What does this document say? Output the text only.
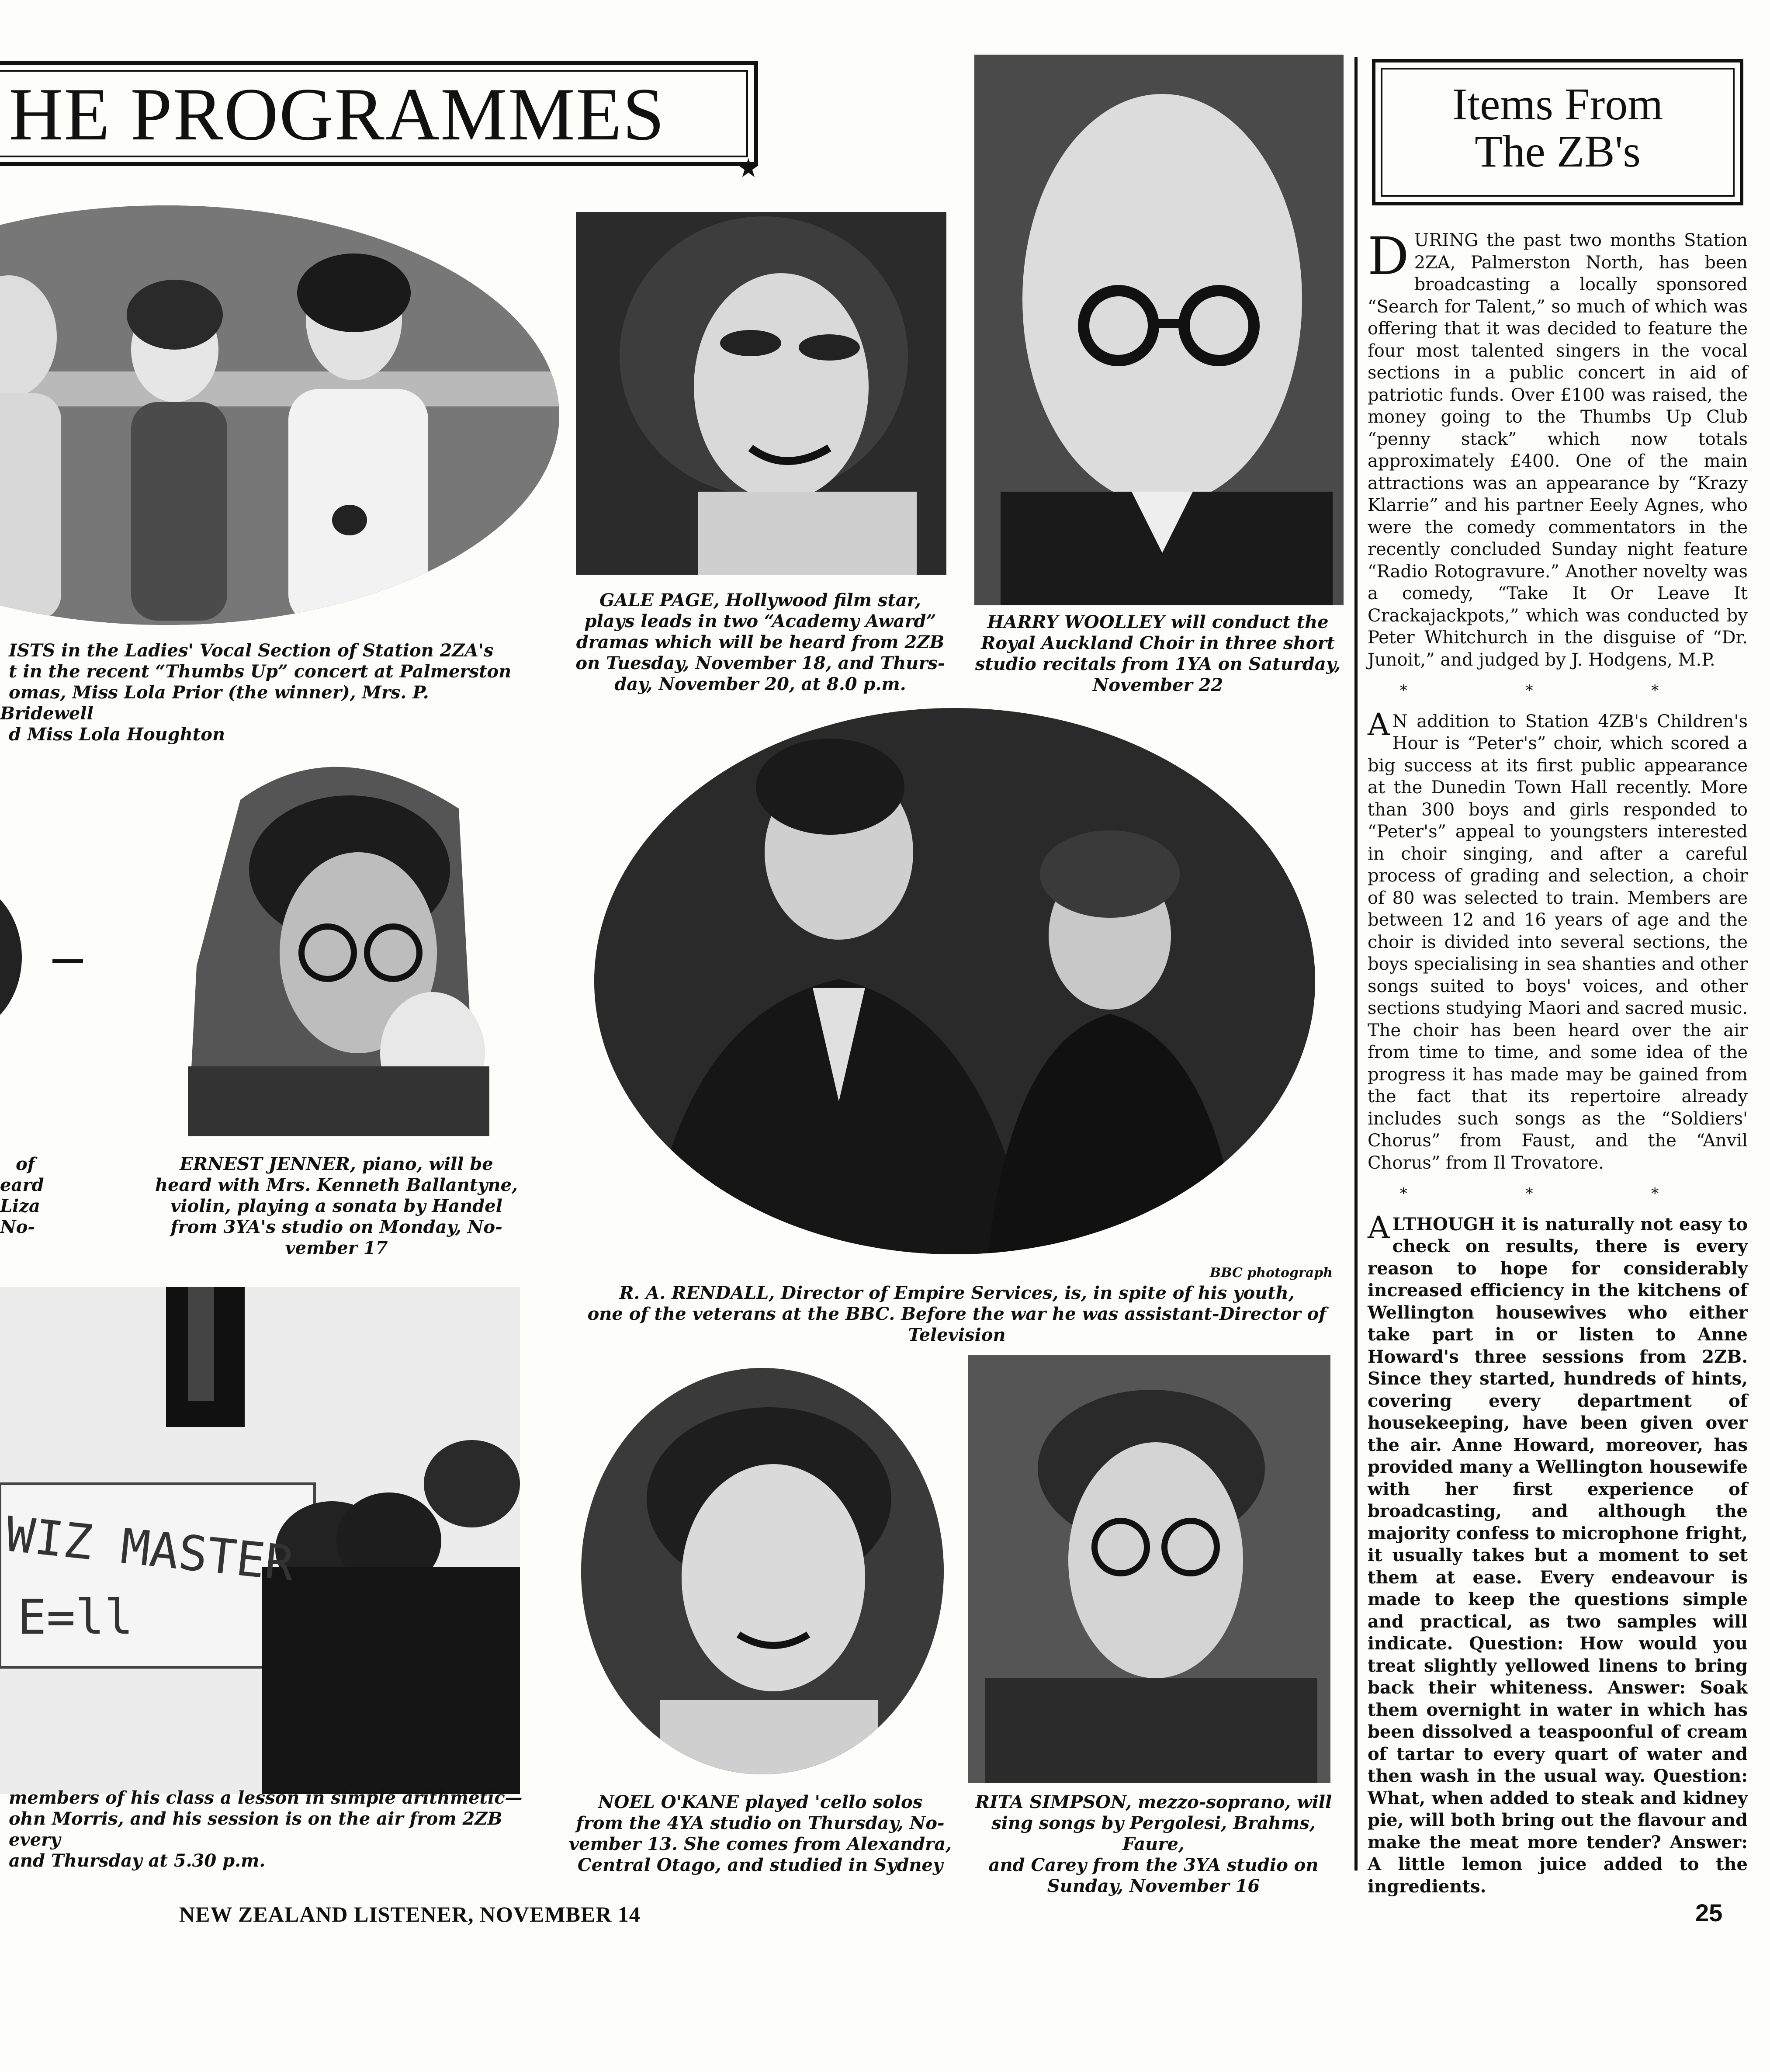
HE PROGRAMMES
★
ISTS in the Ladies' Vocal Section of Station 2ZA's
t in the recent “Thumbs Up” concert at Palmerston
omas, Miss Lola Prior (the winner), Mrs. P. Bridewell
d Miss Lola Houghton
GALE PAGE, Hollywood film star,
plays leads in two “Academy Award”
dramas which will be heard from 2ZB
on Tuesday, November 18, and Thurs-
day, November 20, at 8.0 p.m.
HARRY WOOLLEY will conduct the
Royal Auckland Choir in three short
studio recitals from 1YA on Saturday,
November 22
of
eard
Liza
No-
ERNEST JENNER, piano, will be
heard with Mrs. Kenneth Ballantyne,
violin, playing a sonata by Handel
from 3YA's studio on Monday, No-
vember 17
BBC photograph
R. A. RENDALL, Director of Empire Services, is, in spite of his youth,
one of the veterans at the BBC. Before the war he was assistant-Director of
Television
WIZ MASTER
E=ll
members of his class a lesson in simple arithmetic—
ohn Morris, and his session is on the air from 2ZB every
and Thursday at 5.30 p.m.
NOEL O'KANE played 'cello solos
from the 4YA studio on Thursday, No-
vember 13. She comes from Alexandra,
Central Otago, and studied in Sydney
RITA SIMPSON, mezzo-soprano, will
sing songs by Pergolesi, Brahms, Faure,
and Carey from the 3YA studio on
Sunday, November 16
Items From
The ZB's

DURING the past two months Station 2ZA, Palmerston North, has been broadcasting a locally sponsored “Search for Talent,” so much of which was offering that it was decided to feature the four most talented singers in the vocal sections in a public concert in aid of patriotic funds. Over £100 was raised, the money going to the Thumbs Up Club “penny stack” which now totals approximately £400. One of the main attractions was an appearance by “Krazy Klarrie” and his partner Eeely Agnes, who were the comedy commentators in the recently concluded Sunday night feature “Radio Rotogravure.” Another novelty was a comedy, “Take It Or Leave It Crackajackpots,” which was conducted by Peter Whitchurch in the disguise of “Dr. Junoit,” and judged by J. Hodgens, M.P.

* * *

A N addition to Station 4ZB's Children's Hour is “Peter's” choir, which scored a big success at its first public appearance at the Dunedin Town Hall recently. More than 300 boys and girls responded to “Peter's” appeal to youngsters interested in choir singing, and after a careful process of grading and selection, a choir of 80 was selected to train. Members are between 12 and 16 years of age and the choir is divided into several sections, the boys specialising in sea shanties and other songs suited to boys' voices, and other sections studying Maori and sacred music. The choir has been heard over the air from time to time, and some idea of the progress it has made may be gained from the fact that its repertoire already includes such songs as the “Soldiers' Chorus” from Faust, and the “Anvil Chorus” from Il Trovatore.

* * *

ALTHOUGH it is naturally not easy to check on results, there is every reason to hope for considerably increased efficiency in the kitchens of Wellington housewives who either take part in or listen to Anne Howard's three sessions from 2ZB. Since they started, hundreds of hints, covering every department of housekeeping, have been given over the air. Anne Howard, moreover, has provided many a Wellington housewife with her first experience of broadcasting, and although the majority confess to microphone fright, it usually takes but a moment to set them at ease. Every endeavour is made to keep the questions simple and practical, as two samples will indicate. Question: How would you treat slightly yellowed linens to bring back their whiteness. Answer: Soak them overnight in water in which has been dissolved a teaspoonful of cream of tartar to every quart of water and then wash in the usual way. Question: What, when added to steak and kidney pie, will both bring out the flavour and make the meat more tender? Answer: A little lemon juice added to the ingredients.

NEW ZEALAND LISTENER, NOVEMBER 14	25
